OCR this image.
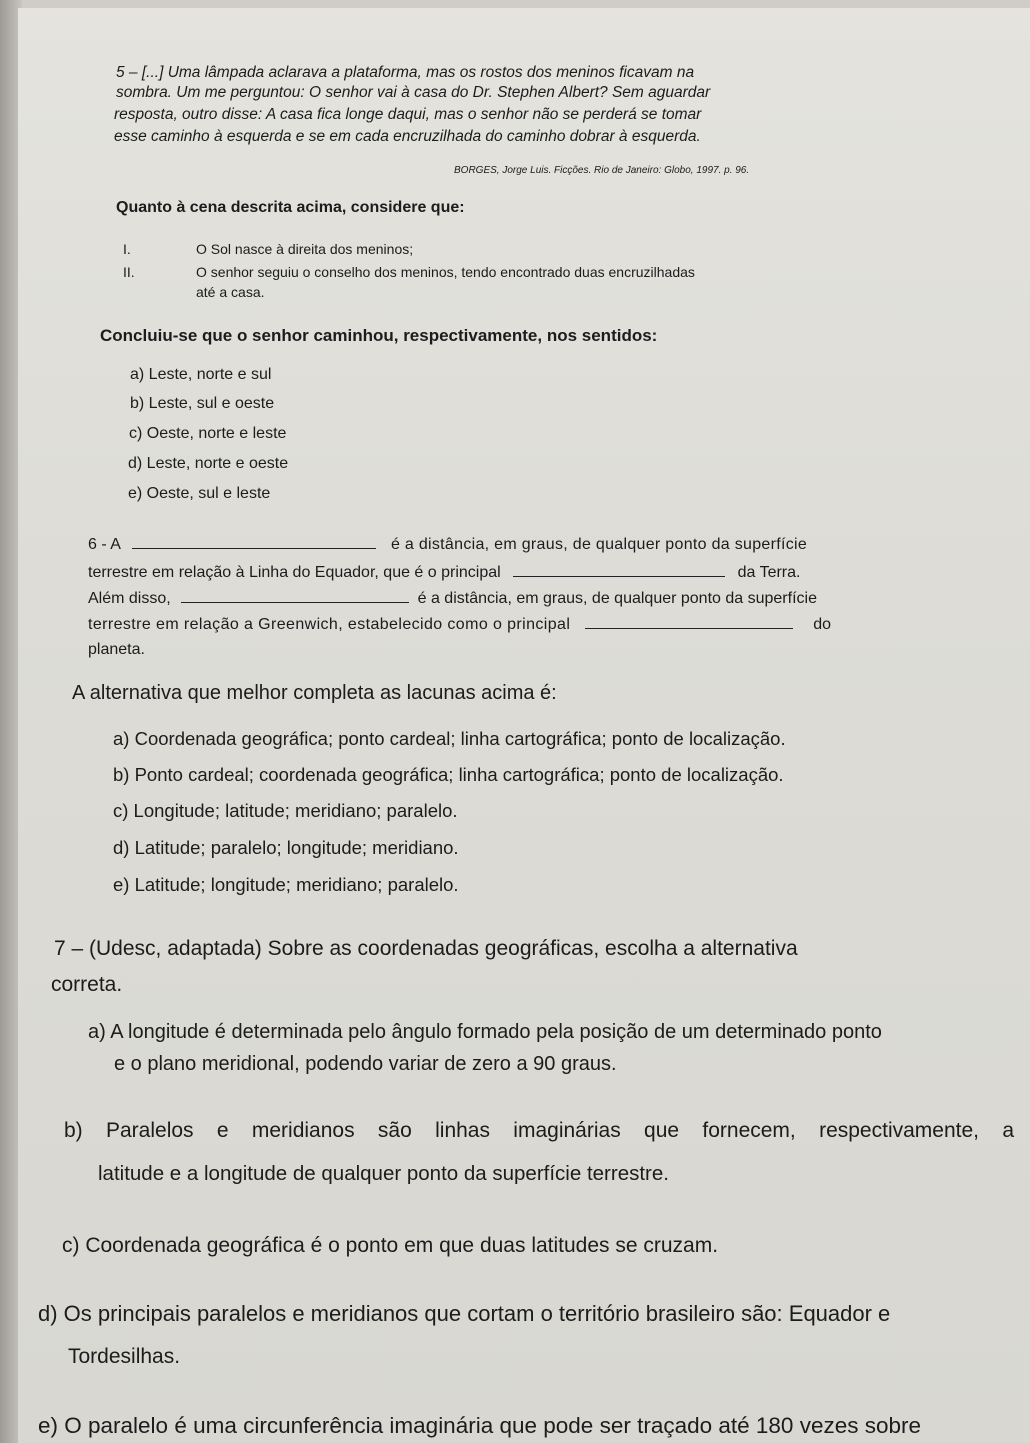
5 – [...] Uma lâmpada aclarava a plataforma, mas os rostos dos meninos ficavam na
sombra. Um me perguntou: O senhor vai à casa do Dr. Stephen Albert? Sem aguardar
resposta, outro disse: A casa fica longe daqui, mas o senhor não se perderá se tomar
esse caminho à esquerda e se em cada encruzilhada do caminho dobrar à esquerda.
BORGES, Jorge Luis. Ficções. Rio de Janeiro: Globo, 1997. p. 96.
Quanto à cena descrita acima, considere que:
I.	O Sol nasce à direita dos meninos;
II.	O senhor seguiu o conselho dos meninos, tendo encontrado duas encruzilhadas
até a casa.
Concluiu-se que o senhor caminhou, respectivamente, nos sentidos:
a) Leste, norte e sul
b) Leste, sul e oeste
c) Oeste, norte e leste
d) Leste, norte e oeste
e) Oeste, sul e leste
6 - A	é a distância, em graus, de qualquer ponto da superfície
terrestre em relação à Linha do Equador, que é o principal	da Terra.
Além disso,	é a distância, em graus, de qualquer ponto da superfície
terrestre em relação a Greenwich, estabelecido como o principal	do
planeta.
A alternativa que melhor completa as lacunas acima é:
a) Coordenada geográfica; ponto cardeal; linha cartográfica; ponto de localização.
b) Ponto cardeal; coordenada geográfica; linha cartográfica; ponto de localização.
c) Longitude; latitude; meridiano; paralelo.
d) Latitude; paralelo; longitude; meridiano.
e) Latitude; longitude; meridiano; paralelo.
7 – (Udesc, adaptada) Sobre as coordenadas geográficas, escolha a alternativa
correta.
a) A longitude é determinada pelo ângulo formado pela posição de um determinado ponto
e o plano meridional, podendo variar de zero a 90 graus.
b) Paralelos e meridianos são linhas imaginárias que fornecem, respectivamente, a
latitude e a longitude de qualquer ponto da superfície terrestre.
c) Coordenada geográfica é o ponto em que duas latitudes se cruzam.
d) Os principais paralelos e meridianos que cortam o território brasileiro são: Equador e
Tordesilhas.
e) O paralelo é uma circunferência imaginária que pode ser traçado até 180 vezes sobre
